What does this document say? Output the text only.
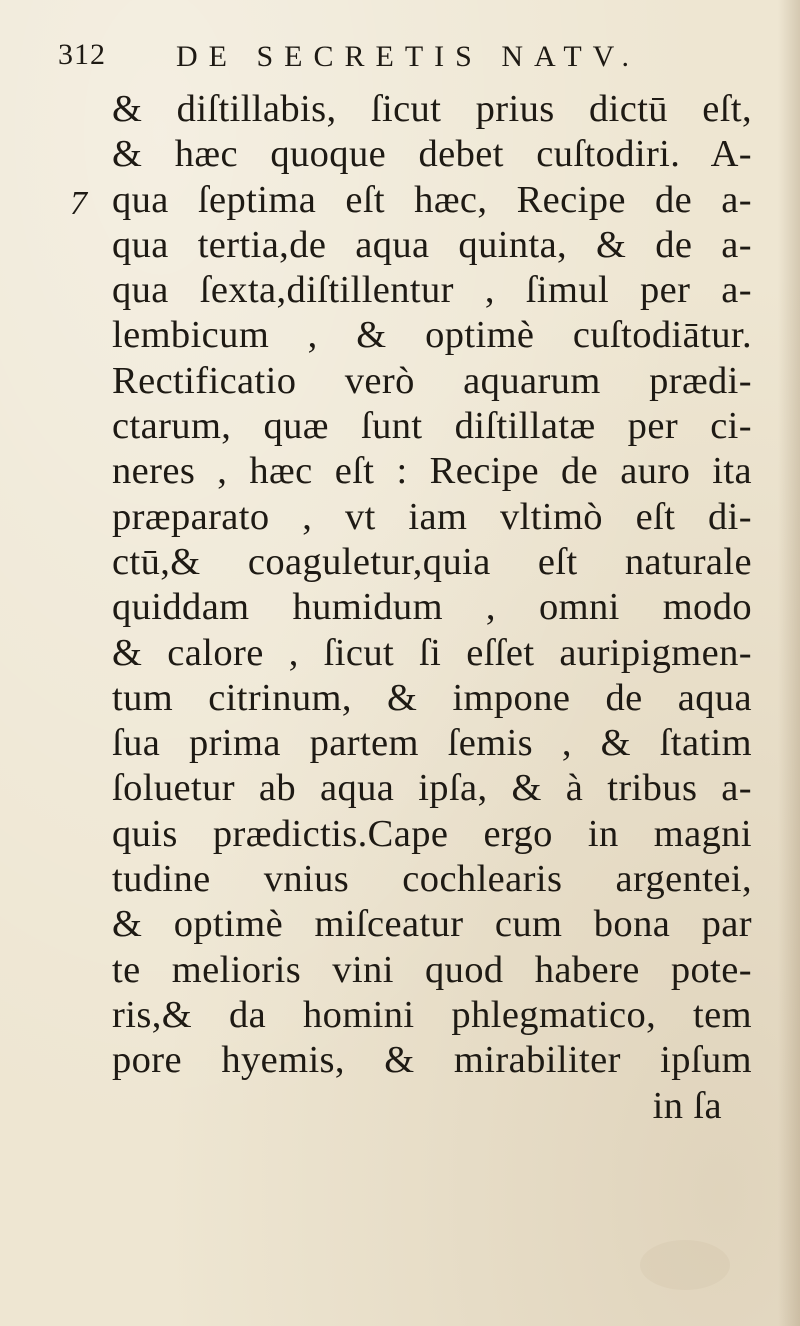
312 DE SECRETIS NATV.
7
& diſtillabis, ſicut prius dictū eſt,
& hæc quoque debet cuſtodiri. A-
qua ſeptima eſt hæc, Recipe de a-
qua tertia,de aqua quinta, & de a-
qua ſexta,diſtillentur , ſimul per a-
lembicum , & optimè cuſtodiātur.
Rectificatio verò aquarum prædi-
ctarum, quæ ſunt diſtillatæ per ci-
neres , hæc eſt : Recipe de auro ita
præparato , vt iam vltimò eſt di-
ctū,& coaguletur,quia eſt naturale
quiddam humidum , omni modo
& calore , ſicut ſi eſſet auripigmen-
tum citrinum, & impone de aqua
ſua prima partem ſemis , & ſtatim
ſoluetur ab aqua ipſa, & à tribus a-
quis prædictis.Cape ergo in magni
tudine vnius cochlearis argentei,
& optimè miſceatur cum bona par
te melioris vini quod habere pote-
ris,& da homini phlegmatico, tem
pore hyemis, & mirabiliter ipſum
in ſa
